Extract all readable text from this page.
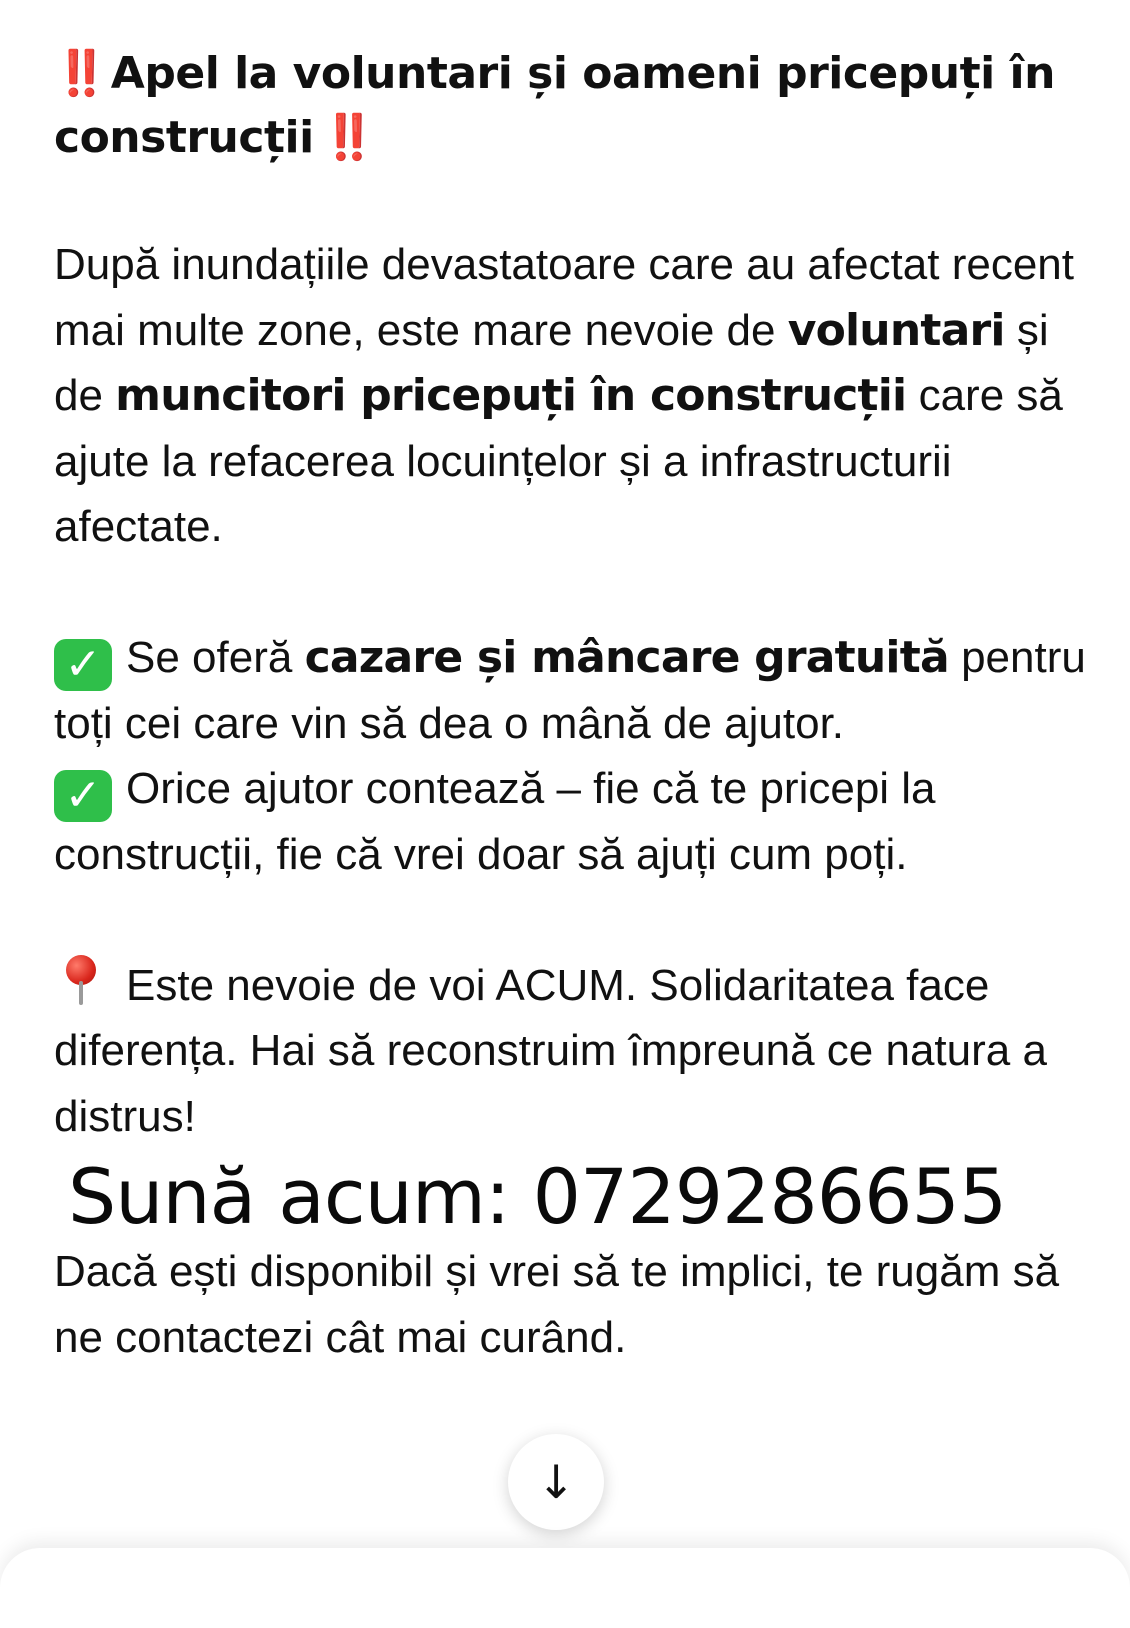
‼️ Apel la voluntari și oameni pricepuți în construcții ‼️

După inundațiile devastatoare care au afectat recent mai multe zone, este mare nevoie de voluntari și de muncitori pricepuți în construcții care să ajute la refacerea locuințelor și a infrastructurii afectate.

✓ Se oferă cazare și mâncare gratuită pentru toți cei care vin să dea o mână de ajutor.

✓ Orice ajutor contează – fie că te pricepi la construcții, fie că vrei doar să ajuți cum poți.

Este nevoie de voi ACUM. Solidaritatea face diferența. Hai să reconstruim împreună ce natura a distrus!

Sună acum: 0729286655

Dacă ești disponibil și vrei să te implici, te rugăm să ne contactezi cât mai curând.

↓
